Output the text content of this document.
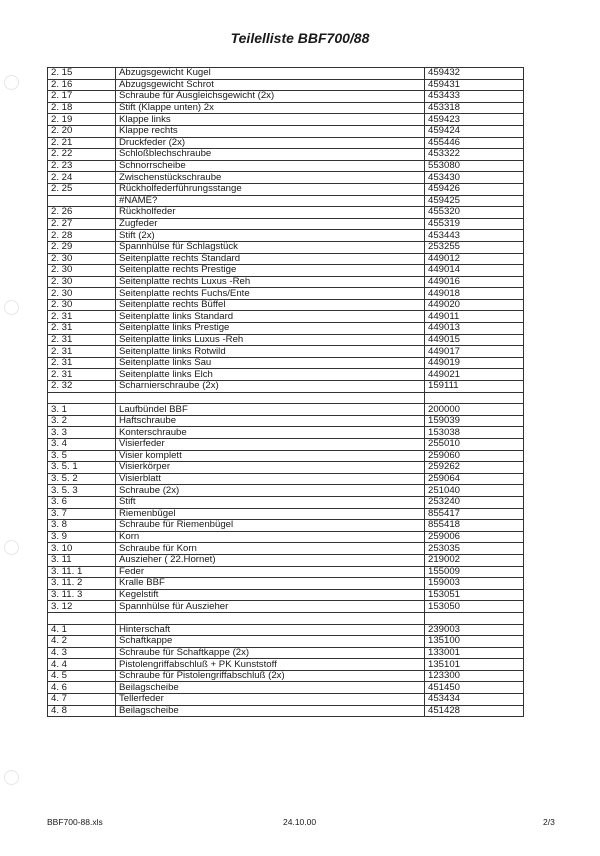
Teilelliste BBF700/88
2. 15	Abzugsgewicht Kugel	459432
2. 16	Abzugsgewicht Schrot	459431
2. 17	Schraube für Ausgleichsgewicht (2x)	453433
2. 18	Stift (Klappe unten) 2x	453318
2. 19	Klappe links	459423
2. 20	Klappe rechts	459424
2. 21	Druckfeder (2x)	455446
2. 22	Schloßblechschraube	453322
2. 23	Schnorrscheibe	553080
2. 24	Zwischenstückschraube	453430
2. 25	Rückholfederführungsstange	459426
	#NAME?	459425
2. 26	Rückholfeder	455320
2. 27	Zugfeder	455319
2. 28	Stift (2x)	453443
2. 29	Spannhülse für Schlagstück	253255
2. 30	Seitenplatte rechts Standard	449012
2. 30	Seitenplatte rechts Prestige	449014
2. 30	Seitenplatte rechts Luxus -Reh	449016
2. 30	Seitenplatte rechts Fuchs/Ente	449018
2. 30	Seitenplatte rechts Büffel	449020
2. 31	Seitenplatte links Standard	449011
2. 31	Seitenplatte links Prestige	449013
2. 31	Seitenplatte links Luxus -Reh	449015
2. 31	Seitenplatte links Rotwild	449017
2. 31	Seitenplatte links Sau	449019
2. 31	Seitenplatte links Elch	449021
2. 32	Scharnierschraube (2x)	159111

3. 1	Laufbündel BBF	200000
3. 2	Haftschraube	159039
3. 3	Konterschraube	153038
3. 4	Visierfeder	255010
3. 5	Visier komplett	259060
3. 5. 1	Visierkörper	259262
3. 5. 2	Visierblatt	259064
3. 5. 3	Schraube (2x)	251040
3. 6	Stift	253240
3. 7	Riemenbügel	855417
3. 8	Schraube für Riemenbügel	855418
3. 9	Korn	259006
3. 10	Schraube für Korn	253035
3. 11	Auszieher ( 22.Hornet)	219002
3. 11. 1	Feder	155009
3. 11. 2	Kralle BBF	159003
3. 11. 3	Kegelstift	153051
3. 12	Spannhülse für Auszieher	153050

4. 1	Hinterschaft	239003
4. 2	Schaftkappe	135100
4. 3	Schraube für Schaftkappe (2x)	133001
4. 4	Pistolengriffabschluß + PK Kunststoff	135101
4. 5	Schraube für Pistolengriffabschluß (2x)	123300
4. 6	Beilagscheibe	451450
4. 7	Tellerfeder	453434
4. 8	Beilagscheibe	451428
BBF700-88.xls	24.10.00	2/3
